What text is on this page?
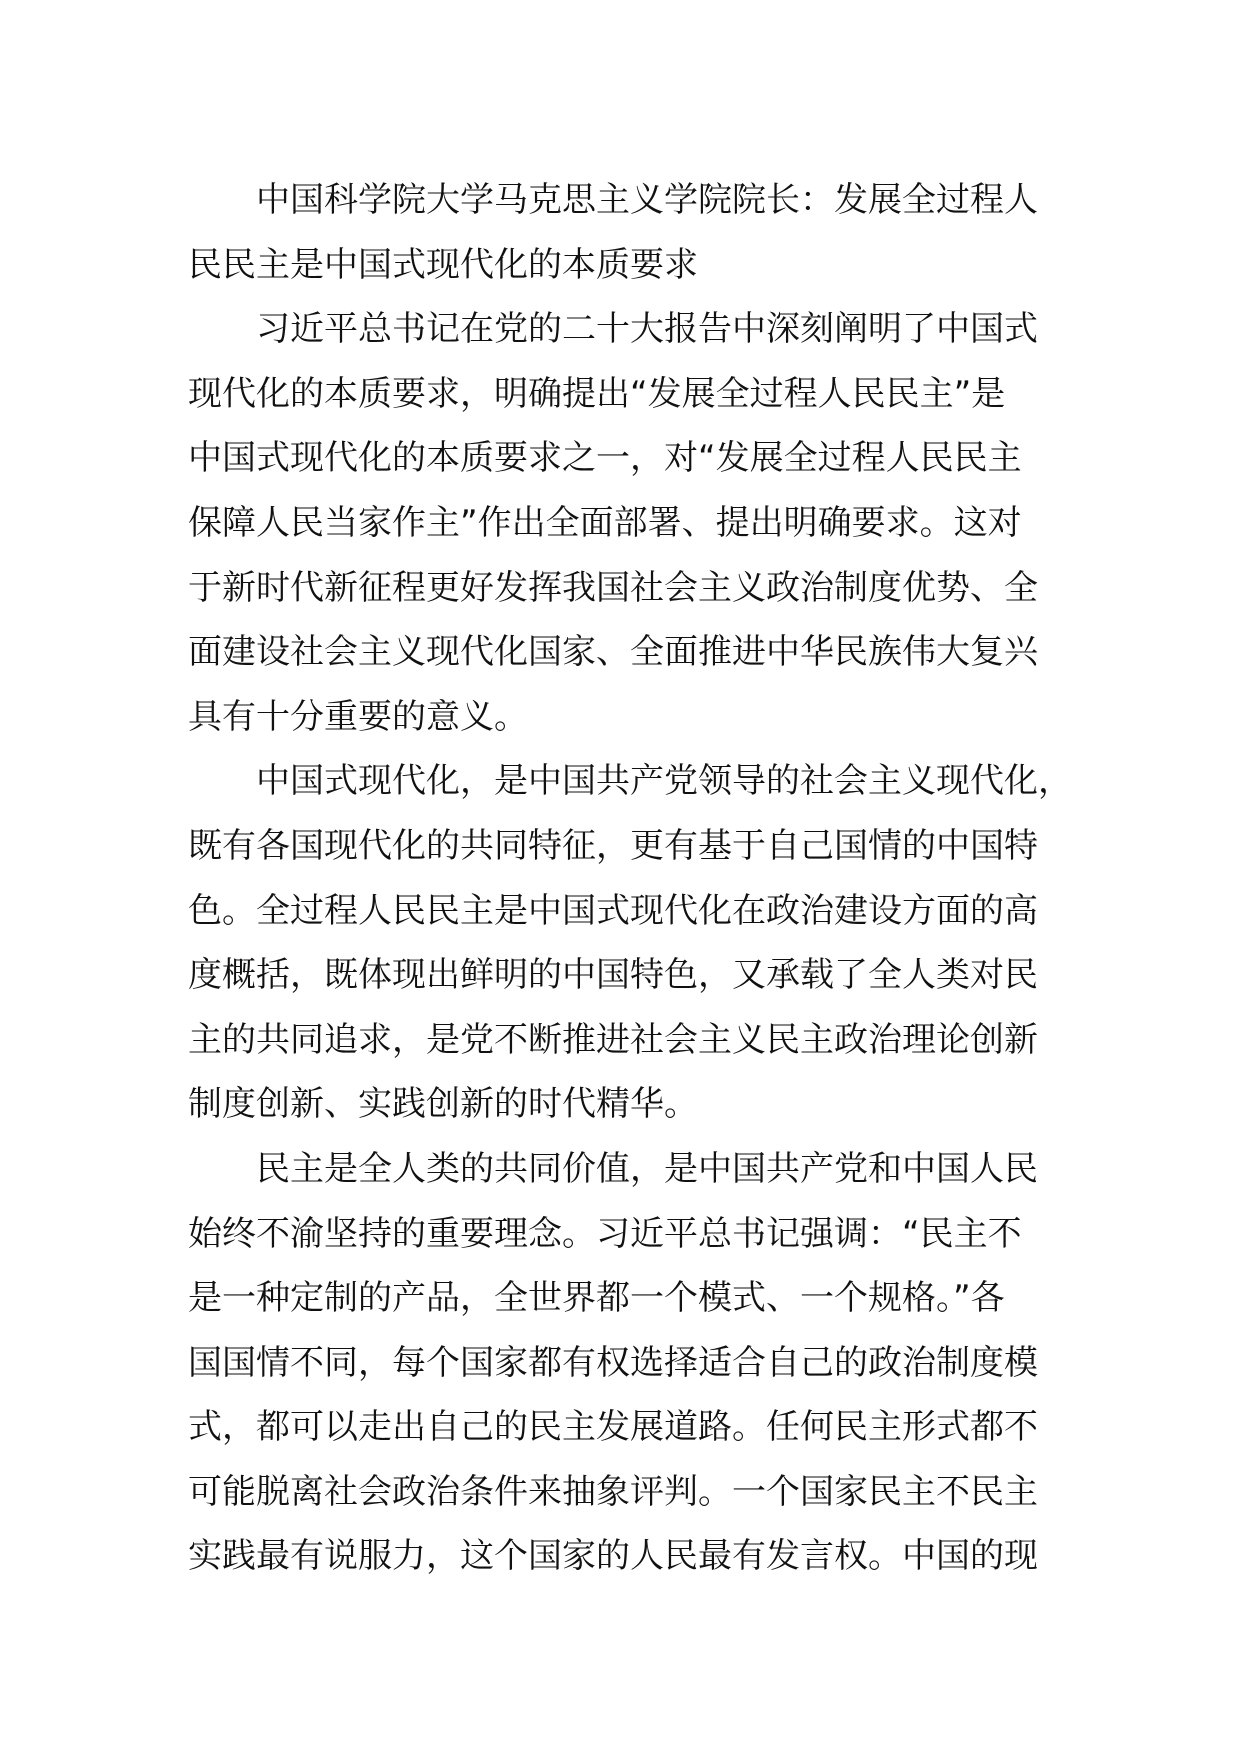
中国科学院大学马克思主义学院院长：发展全过程人
民民主是中国式现代化的本质要求
习近平总书记在党的二十大报告中深刻阐明了中国式
现代化的本质要求，明确提出“发展全过程人民民主”是
中国式现代化的本质要求之一，对“发展全过程人民民主
保障人民当家作主”作出全面部署、提出明确要求。这对
于新时代新征程更好发挥我国社会主义政治制度优势、全
面建设社会主义现代化国家、全面推进中华民族伟大复兴
具有十分重要的意义。
中国式现代化，是中国共产党领导的社会主义现代化，
既有各国现代化的共同特征，更有基于自己国情的中国特
色。全过程人民民主是中国式现代化在政治建设方面的高
度概括，既体现出鲜明的中国特色，又承载了全人类对民
主的共同追求，是党不断推进社会主义民主政治理论创新
制度创新、实践创新的时代精华。
民主是全人类的共同价值，是中国共产党和中国人民
始终不渝坚持的重要理念。习近平总书记强调：“民主不
是一种定制的产品，全世界都一个模式、一个规格。”各
国国情不同，每个国家都有权选择适合自己的政治制度模
式，都可以走出自己的民主发展道路。任何民主形式都不
可能脱离社会政治条件来抽象评判。一个国家民主不民主
实践最有说服力，这个国家的人民最有发言权。中国的现
